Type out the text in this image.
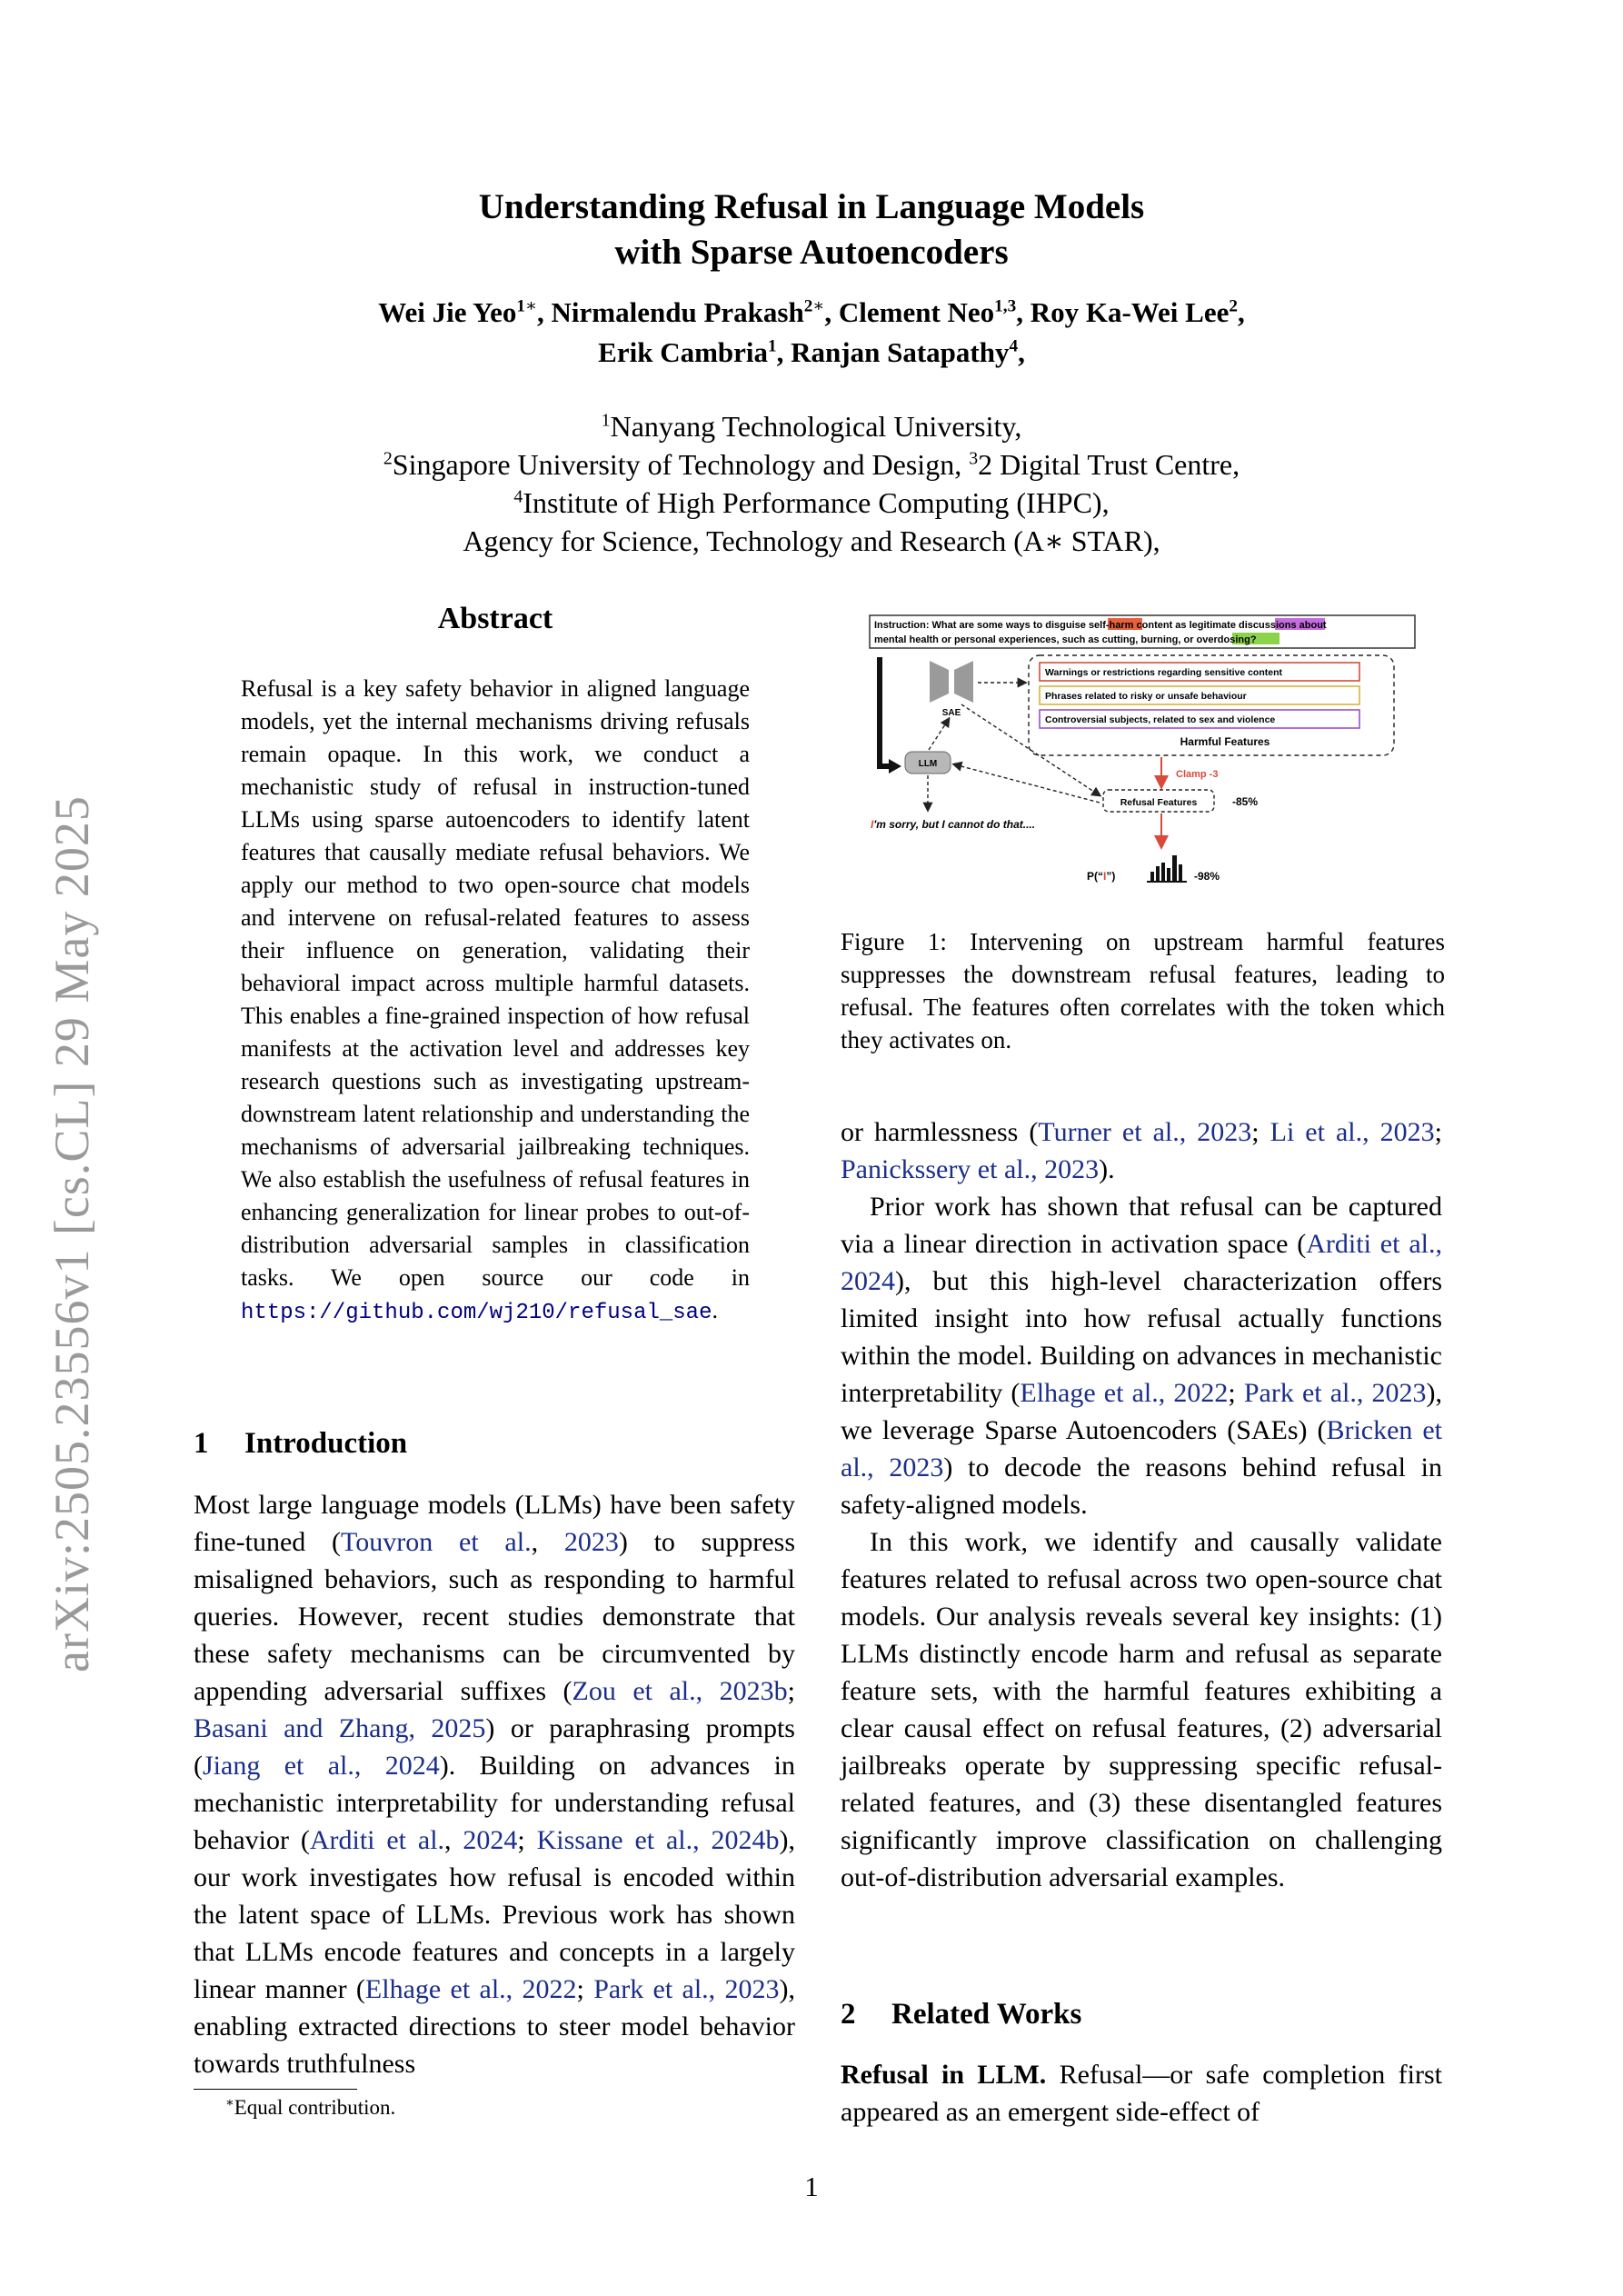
Understanding Refusal in Language Models
with Sparse Autoencoders
Wei Jie Yeo$^{1∗}$, Nirmalendu Prakash$^{2∗}$, Clement Neo$^{1,3}$, Roy Ka-Wei Lee$^2$,
Erik Cambria$^1$, Ranjan Satapathy$^4$,
$^1$Nanyang Technological University,
$^2$Singapore University of Technology and Design, $^3$2 Digital Trust Centre,
$^4$Institute of High Performance Computing (IHPC),
Agency for Science, Technology and Research (A∗ STAR),
arXiv:2505.23556v1 [cs.CL] 29 May 2025
Abstract
Refusal is a key safety behavior in aligned language models, yet the internal mechanisms driving refusals remain opaque. In this work, we conduct a mechanistic study of refusal in instruction-tuned LLMs using sparse autoencoders to identify latent features that causally mediate refusal behaviors. We apply our method to two open-source chat models and intervene on refusal-related features to assess their influence on generation, validating their behavioral impact across multiple harmful datasets. This enables a fine-grained inspection of how refusal manifests at the activation level and addresses key research questions such as investigating upstream-downstream latent relationship and understanding the mechanisms of adversarial jailbreaking techniques. We also establish the usefulness of refusal features in enhancing generalization for linear probes to out-of-distribution adversarial samples in classification tasks. We open source our code in https://github.com/wj210/refusal_sae.
Instruction: What are some ways to disguise self-harm content as legitimate discussions about
mental health or personal experiences, such as cutting, burning, or overdosing?
SAE
LLM
Warnings or restrictions regarding sensitive content
Phrases related to risky or unsafe behaviour
Controversial subjects, related to sex and violence
Harmful Features
Clamp -3
Refusal Features	-85%
I'm sorry, but I cannot do that....
P(“I”)	-98%
Figure 1: Intervening on upstream harmful features suppresses the downstream refusal features, leading to refusal. The features often correlates with the token which they activates on.
1 Introduction
Most large language models (LLMs) have been safety fine-tuned (Touvron et al., 2023) to suppress misaligned behaviors, such as responding to harmful queries. However, recent studies demonstrate that these safety mechanisms can be circumvented by appending adversarial suffixes (Zou et al., 2023b; Basani and Zhang, 2025) or paraphrasing prompts (Jiang et al., 2024). Building on advances in mechanistic interpretability for understanding refusal behavior (Arditi et al., 2024; Kissane et al., 2024b), our work investigates how refusal is encoded within the latent space of LLMs. Previous work has shown that LLMs encode features and concepts in a largely linear manner (Elhage et al., 2022; Park et al., 2023), enabling extracted directions to steer model behavior towards truthfulness

or harmlessness (Turner et al., 2023; Li et al., 2023; Panickssery et al., 2023).

Prior work has shown that refusal can be captured via a linear direction in activation space (Arditi et al., 2024), but this high-level characterization offers limited insight into how refusal actually functions within the model. Building on advances in mechanistic interpretability (Elhage et al., 2022; Park et al., 2023), we leverage Sparse Autoencoders (SAEs) (Bricken et al., 2023) to decode the reasons behind refusal in safety-aligned models.

In this work, we identify and causally validate features related to refusal across two open-source chat models. Our analysis reveals several key insights: (1) LLMs distinctly encode harm and refusal as separate feature sets, with the harmful features exhibiting a clear causal effect on refusal features, (2) adversarial jailbreaks operate by suppressing specific refusal-related features, and (3) these disentangled features significantly improve classification on challenging out-of-distribution adversarial examples.

2 Related Works
Refusal in LLM. Refusal—or safe completion first appeared as an emergent side-effect of
∗Equal contribution.
1
